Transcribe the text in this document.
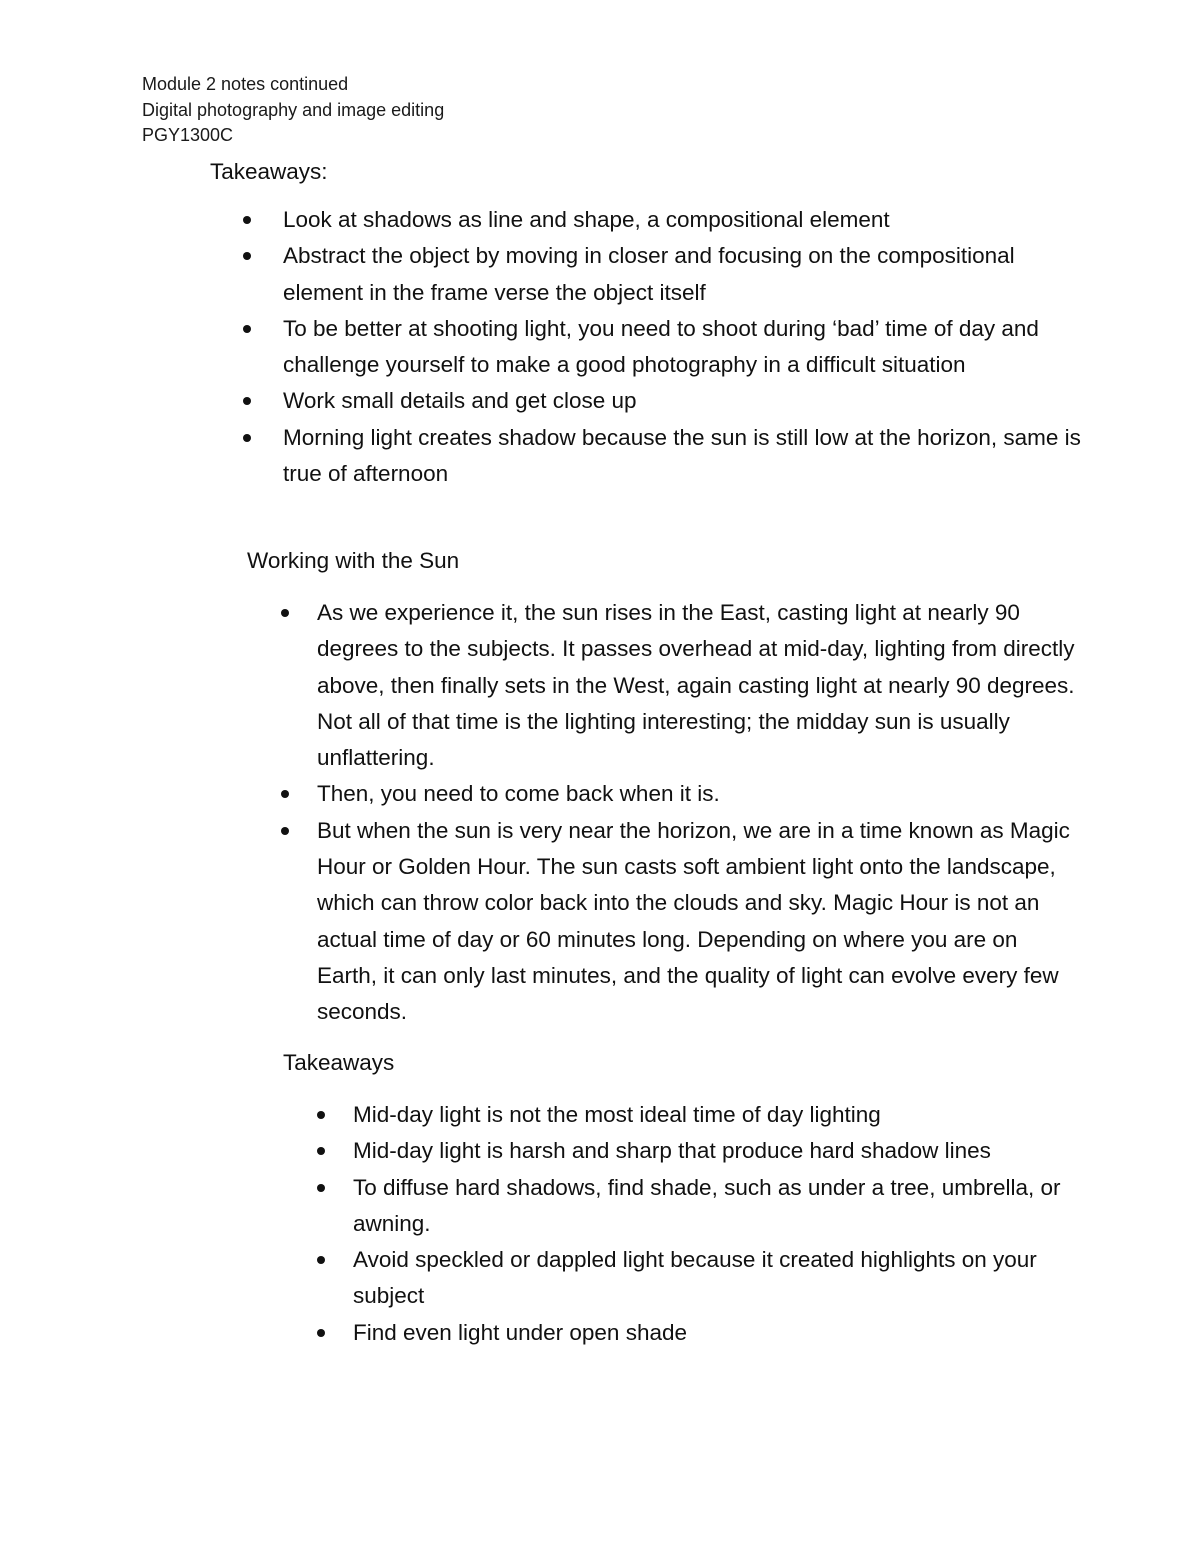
Module 2 notes continued
Digital photography and image editing
PGY1300C
Takeaways:
Look at shadows as line and shape, a compositional element
Abstract the object by moving in closer and focusing on the compositional element in the frame verse the object itself
To be better at shooting light, you need to shoot during ‘bad’ time of day and challenge yourself to make a good photography in a difficult situation
Work small details and get close up
Morning light creates shadow because the sun is still low at the horizon, same is true of afternoon
Working with the Sun
As we experience it, the sun rises in the East, casting light at nearly 90 degrees to the subjects. It passes overhead at mid-day, lighting from directly above, then finally sets in the West, again casting light at nearly 90 degrees. Not all of that time is the lighting interesting; the midday sun is usually unflattering.
Then, you need to come back when it is.
But when the sun is very near the horizon, we are in a time known as Magic Hour or Golden Hour. The sun casts soft ambient light onto the landscape, which can throw color back into the clouds and sky. Magic Hour is not an actual time of day or 60 minutes long. Depending on where you are on Earth, it can only last minutes, and the quality of light can evolve every few seconds.
Takeaways
Mid-day light is not the most ideal time of day lighting
Mid-day light is harsh and sharp that produce hard shadow lines
To diffuse hard shadows, find shade, such as under a tree, umbrella, or awning.
Avoid speckled or dappled light because it created highlights on your subject
Find even light under open shade
